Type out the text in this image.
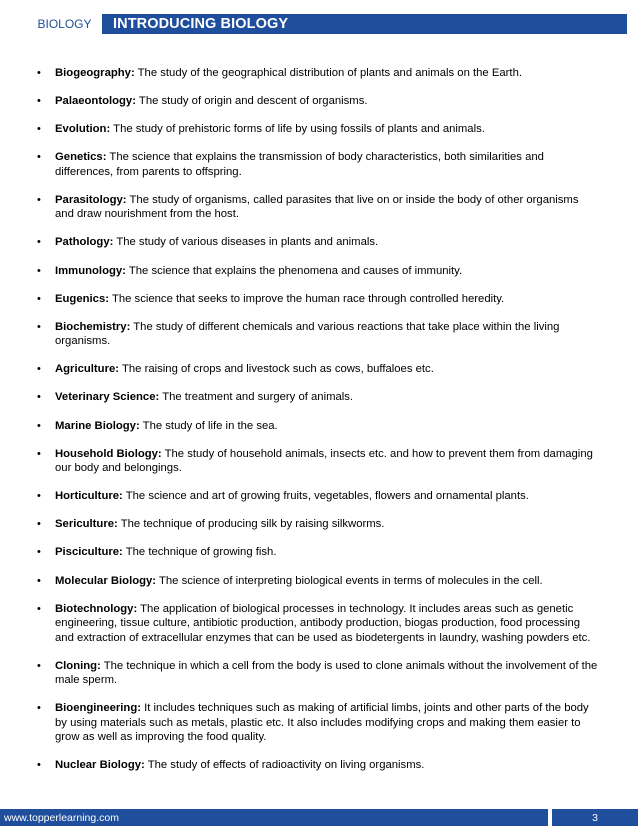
BIOLOGY	INTRODUCING BIOLOGY
• Biogeography: The study of the geographical distribution of plants and animals on the Earth.
• Palaeontology: The study of origin and descent of organisms.
• Evolution: The study of prehistoric forms of life by using fossils of plants and animals.
• Genetics: The science that explains the transmission of body characteristics, both similarities and differences, from parents to offspring.
• Parasitology: The study of organisms, called parasites that live on or inside the body of other organisms and draw nourishment from the host.
• Pathology: The study of various diseases in plants and animals.
• Immunology: The science that explains the phenomena and causes of immunity.
• Eugenics: The science that seeks to improve the human race through controlled heredity.
• Biochemistry: The study of different chemicals and various reactions that take place within the living organisms.
• Agriculture: The raising of crops and livestock such as cows, buffaloes etc.
• Veterinary Science: The treatment and surgery of animals.
• Marine Biology: The study of life in the sea.
• Household Biology: The study of household animals, insects etc. and how to prevent them from damaging our body and belongings.
• Horticulture: The science and art of growing fruits, vegetables, flowers and ornamental plants.
• Sericulture: The technique of producing silk by raising silkworms.
• Pisciculture: The technique of growing fish.
• Molecular Biology: The science of interpreting biological events in terms of molecules in the cell.
• Biotechnology: The application of biological processes in technology. It includes areas such as genetic engineering, tissue culture, antibiotic production, antibody production, biogas production, food processing and extraction of extracellular enzymes that can be used as biodetergents in laundry, washing powders etc.
• Cloning: The technique in which a cell from the body is used to clone animals without the involvement of the male sperm.
• Bioengineering: It includes techniques such as making of artificial limbs, joints and other parts of the body by using materials such as metals, plastic etc. It also includes modifying crops and making them easier to grow as well as improving the food quality.
• Nuclear Biology: The study of effects of radioactivity on living organisms.
www.topperlearning.com	3
